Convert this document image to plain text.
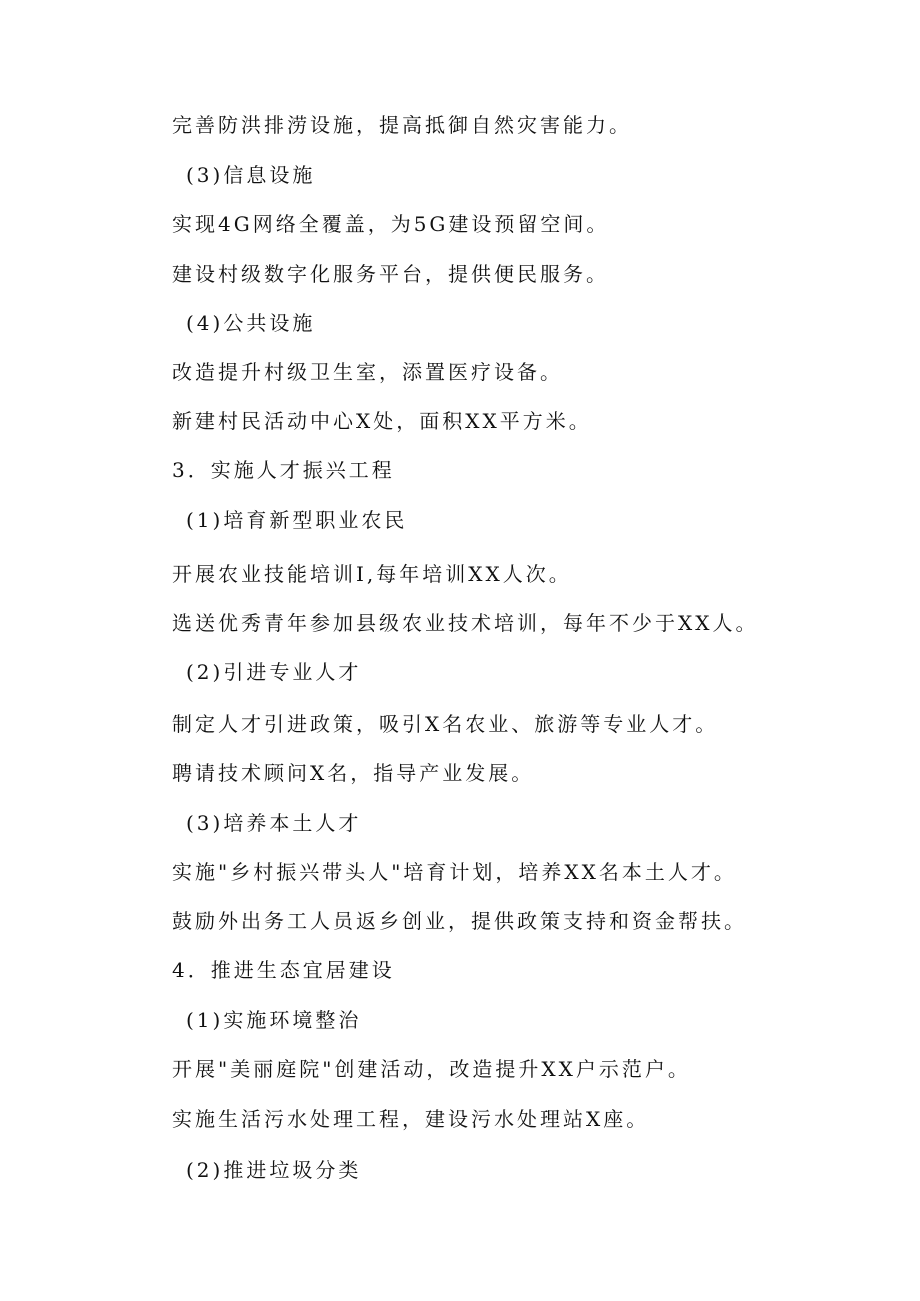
完善防洪排涝设施，提高抵御自然灾害能力。
(3)信息设施
实现4G网络全覆盖，为5G建设预留空间。
建设村级数字化服务平台，提供便民服务。
(4)公共设施
改造提升村级卫生室，添置医疗设备。
新建村民活动中心X处，面积XX平方米。
3．实施人才振兴工程
(1)培育新型职业农民
开展农业技能培训I,每年培训XX人次。
选送优秀青年参加县级农业技术培训，每年不少于XX人。
(2)引进专业人才
制定人才引进政策，吸引X名农业、旅游等专业人才。
聘请技术顾问X名，指导产业发展。
(3)培养本土人才
实施"乡村振兴带头人"培育计划，培养XX名本土人才。
鼓励外出务工人员返乡创业，提供政策支持和资金帮扶。
4．推进生态宜居建设
(1)实施环境整治
开展"美丽庭院"创建活动，改造提升XX户示范户。
实施生活污水处理工程，建设污水处理站X座。
(2)推进垃圾分类
